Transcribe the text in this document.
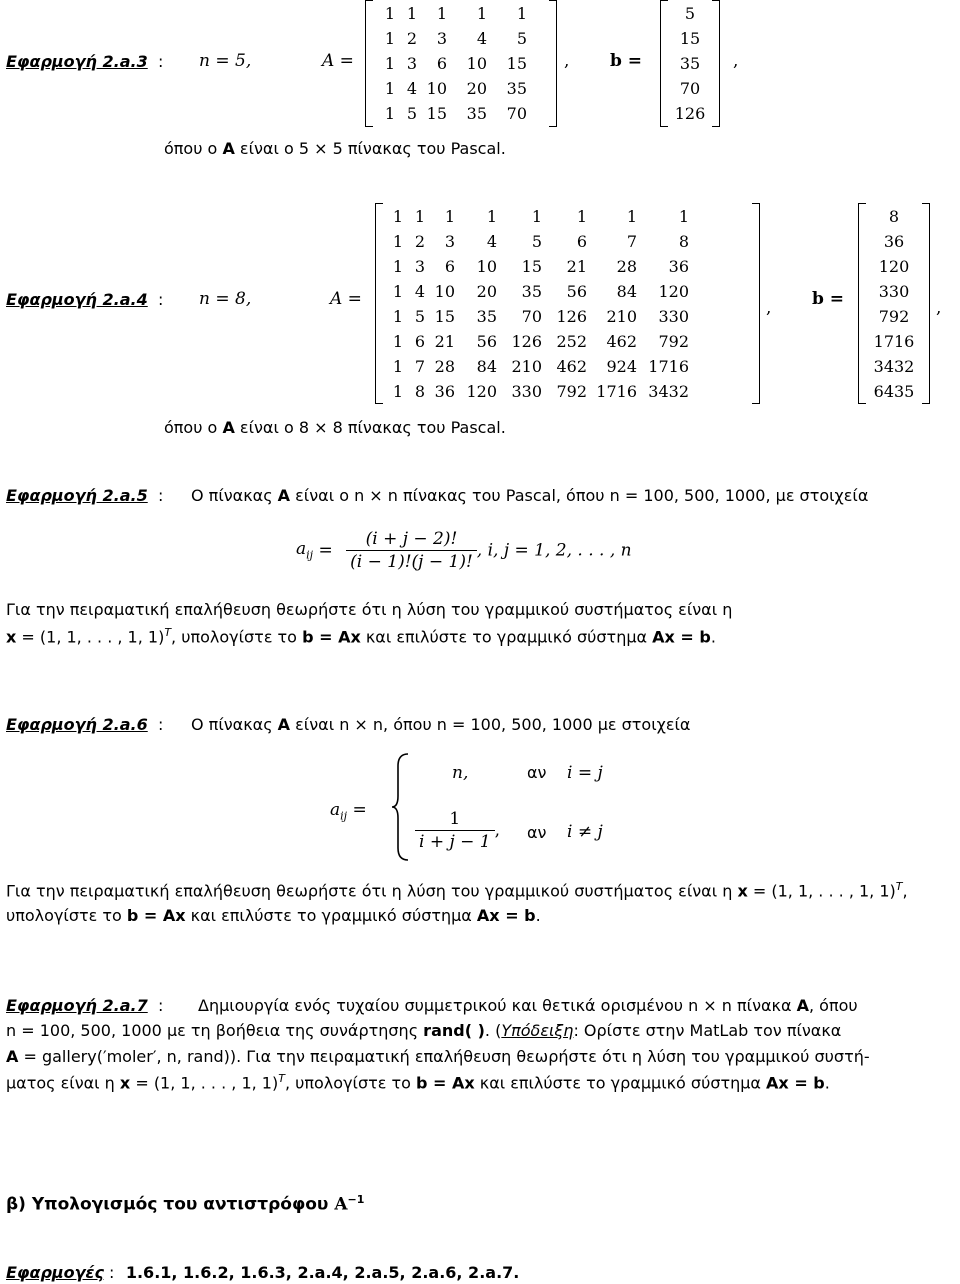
Εφαρμογή 2.a.3 : n = 5,	A =
1	1	1	1	1
1	2	3	4	5
1	3	6	10	15
1	4	10	20	35
1	5	15	35	70
, b =
5
15
35
70
126
,
όπου ο A είναι ο 5 × 5 πίνακας του Pascal.
Εφαρμογή 2.a.4 : n = 8,	A =
1	1	1	1	1	1	1	1
1	2	3	4	5	6	7	8
1	3	6	10	15	21	28	36
1	4	10	20	35	56	84	120
1	5	15	35	70	126	210	330
1	6	21	56	126	252	462	792
1	7	28	84	210	462	924	1716
1	8	36	120	330	792	1716	3432
, b =
8
36
120
330
792
1716
3432
6435
,
όπου ο A είναι ο 8 × 8 πίνακας του Pascal.
Εφαρμογή 2.a.5 : Ο πίνακας A είναι ο n × n πίνακας του Pascal, όπου n = 100, 500, 1000, με στοιχεία
$a_{ij} = \frac{(i + j - 2)!}{(i - 1)!(j - 1)!}$ , i, j = 1, 2, . . . , n
Για την πειραματική επαλήθευση θεωρήστε ότι η λύση του γραμμικού συστήματος είναι η
x = (1, 1, . . . , 1, 1)$^T$, υπολογίστε το b = Ax και επιλύστε το γραμμικό σύστημα Ax = b.
Εφαρμογή 2.a.6 : Ο πίνακας A είναι n × n, όπου n = 100, 500, 1000 με στοιχεία
$a_{ij}$ =
n,	αν i = j
$\frac{1}{i + j - 1}$ , αν i ≠ j
Για την πειραματική επαλήθευση θεωρήστε ότι η λύση του γραμμικού συστήματος είναι η x = (1, 1, . . . , 1, 1)$^T$,
υπολογίστε το b = Ax και επιλύστε το γραμμικό σύστημα Ax = b.
Εφαρμογή 2.a.7 : Δημιουργία ενός τυχαίου συμμετρικού και θετικά ορισμένου n × n πίνακα A, όπου
n = 100, 500, 1000 με τη βοήθεια της συνάρτησης rand( ). (Υπόδειξη: Ορίστε στην MatLab τον πίνακα
A = gallery(′moler′, n, rand)). Για την πειραματική επαλήθευση θεωρήστε ότι η λύση του γραμμικού συστή-
ματος είναι η x = (1, 1, . . . , 1, 1)$^T$, υπολογίστε το b = Ax και επιλύστε το γραμμικό σύστημα Ax = b.
β) Υπολογισμός του αντιστρόφου $A^{-1}$
Εφαρμογές : 1.6.1, 1.6.2, 1.6.3, 2.a.4, 2.a.5, 2.a.6, 2.a.7.
